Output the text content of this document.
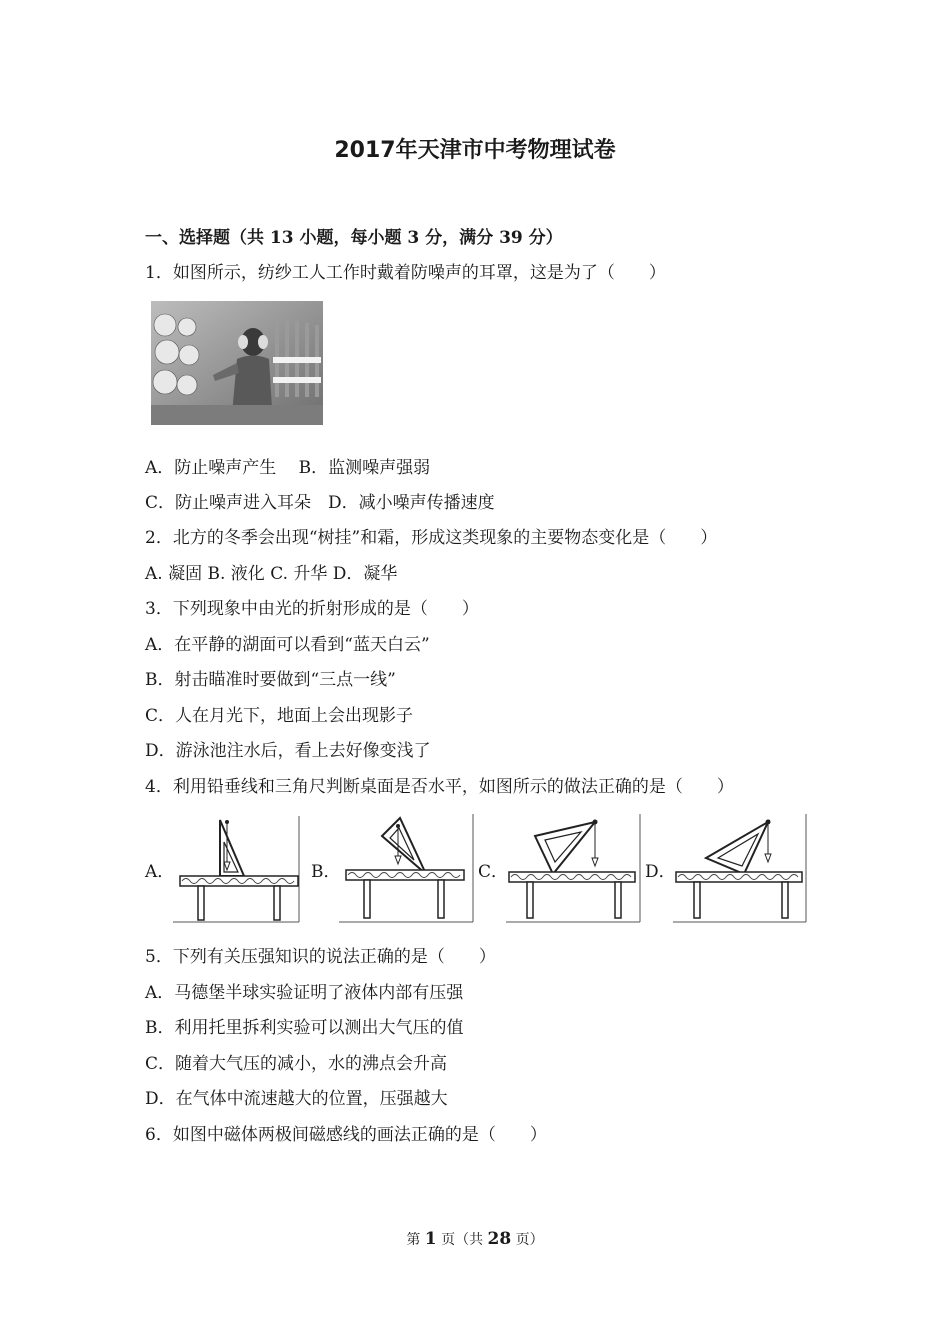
2017年天津市中考物理试卷
一、选择题（共 13 小题，每小题 3 分，满分 39 分）
1．如图所示，纺纱工人工作时戴着防噪声的耳罩，这是为了（　　）
A．防止噪声产生　 B．监测噪声强弱
C．防止噪声进入耳朵　D．减小噪声传播速度
2．北方的冬季会出现“树挂”和霜，形成这类现象的主要物态变化是（　　）
A. 凝固 B. 液化 C. 升华 D．凝华
3．下列现象中由光的折射形成的是（　　）
A．在平静的湖面可以看到“蓝天白云”
B．射击瞄准时要做到“三点一线”
C．人在月光下，地面上会出现影子
D．游泳池注水后，看上去好像变浅了
4．利用铅垂线和三角尺判断桌面是否水平，如图所示的做法正确的是（　　）
A．	B．	C．	D．
5．下列有关压强知识的说法正确的是（　　）
A．马德堡半球实验证明了液体内部有压强
B．利用托里拆利实验可以测出大气压的值
C．随着大气压的减小，水的沸点会升高
D．在气体中流速越大的位置，压强越大
6．如图中磁体两极间磁感线的画法正确的是（　　）
第 1 页（共 28 页）
